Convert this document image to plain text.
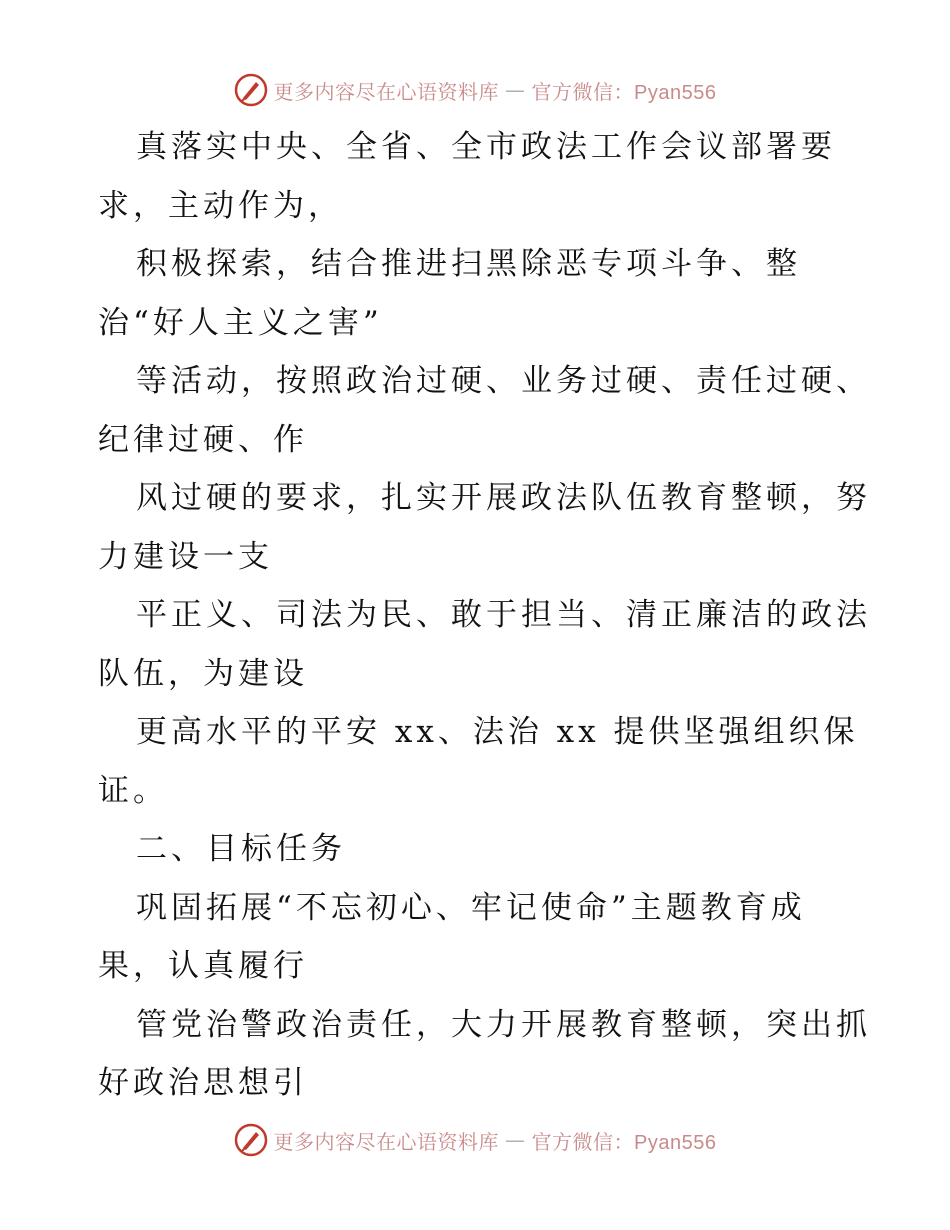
更多内容尽在心语资料库 — 官方微信：Pyan556
真落实中央、全省、全市政法工作会议部署要
求，主动作为，
积极探索，结合推进扫黑除恶专项斗争、整
治“好人主义之害”
等活动，按照政治过硬、业务过硬、责任过硬、
纪律过硬、作
风过硬的要求，扎实开展政法队伍教育整顿，努
力建设一支
平正义、司法为民、敢于担当、清正廉洁的政法
队伍，为建设
更高水平的平安 xx、法治 xx 提供坚强组织保
证。
二、目标任务
巩固拓展“不忘初心、牢记使命”主题教育成
果，认真履行
管党治警政治责任，大力开展教育整顿，突出抓
好政治思想引
更多内容尽在心语资料库 — 官方微信：Pyan556
